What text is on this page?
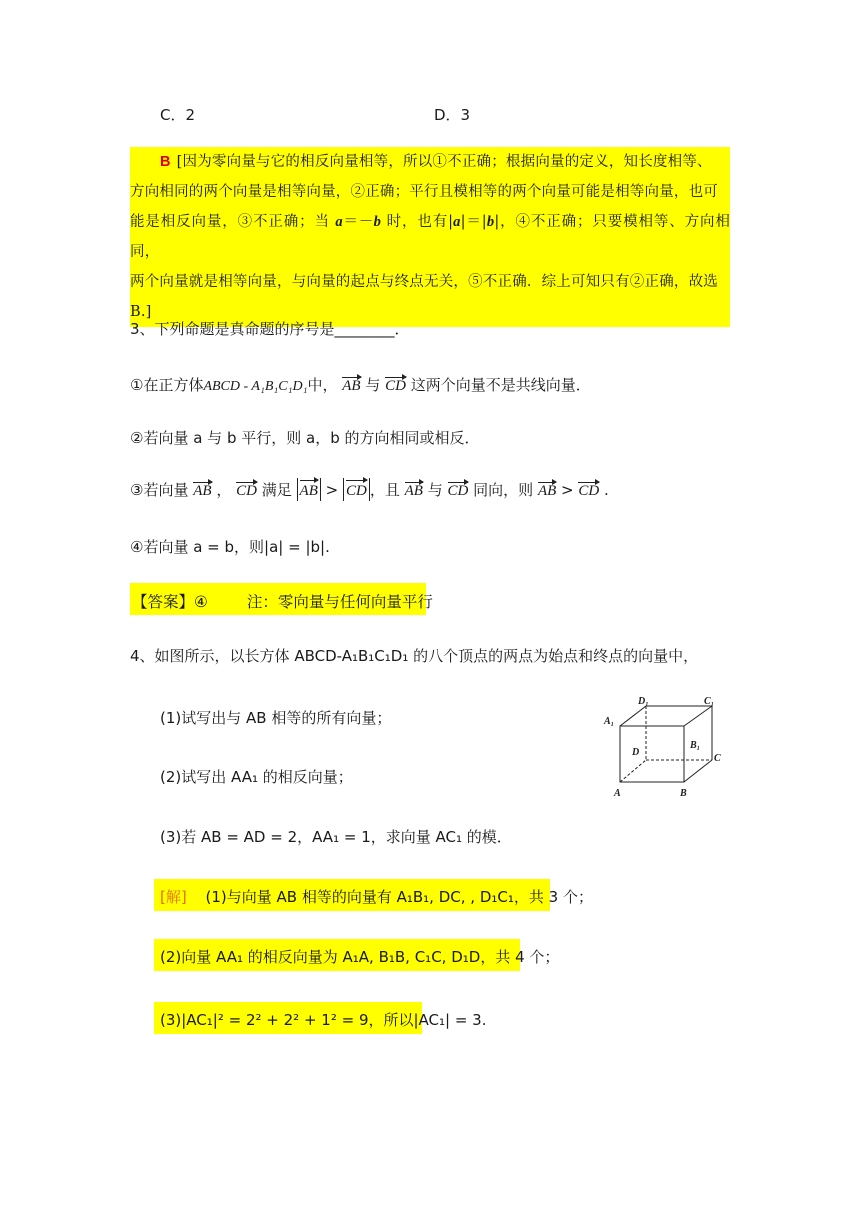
C．2	D．3
B [因为零向量与它的相反向量相等，所以①不正确；根据向量的定义，知长度相等、
方向相同的两个向量是相等向量，②正确；平行且模相等的两个向量可能是相等向量，也可
能是相反向量，③不正确；当 a＝－b 时，也有|a|＝|b|，④不正确；只要模相等、方向相同，
两个向量就是相等向量，与向量的起点与终点无关，⑤不正确．综上可知只有②正确，故选
B.]
3、下列命题是真命题的序号是________．
①在正方体ABCD - A₁B₁C₁D₁中， AB 与 CD 这两个向量不是共线向量．
②若向量 a 与 b 平行，则 a，b 的方向相同或相反．
③若向量 AB ， CD 满足 AB > CD ，且 AB 与 CD 同向，则 AB > CD .
④若向量 a = b，则|a| = |b|.
【答案】④	注：零向量与任何向量平行
4、如图所示，以长方体 ABCD-A₁B₁C₁D₁ 的八个顶点的两点为始点和终点的向量中，
(1)试写出与 AB 相等的所有向量；
(2)试写出 AA₁ 的相反向量；
(3)若 AB = AD = 2，AA₁ = 1，求向量 AC₁ 的模．
D₁	C₁
A₁
D
B₁
C
A	B
[解] (1)与向量 AB 相等的向量有 A₁B₁, DC, , D₁C₁，共 3 个；
(2)向量 AA₁ 的相反向量为 A₁A, B₁B, C₁C, D₁D，共 4 个；
(3)|AC₁|² = 2² + 2² + 1² = 9，所以|AC₁| = 3.
